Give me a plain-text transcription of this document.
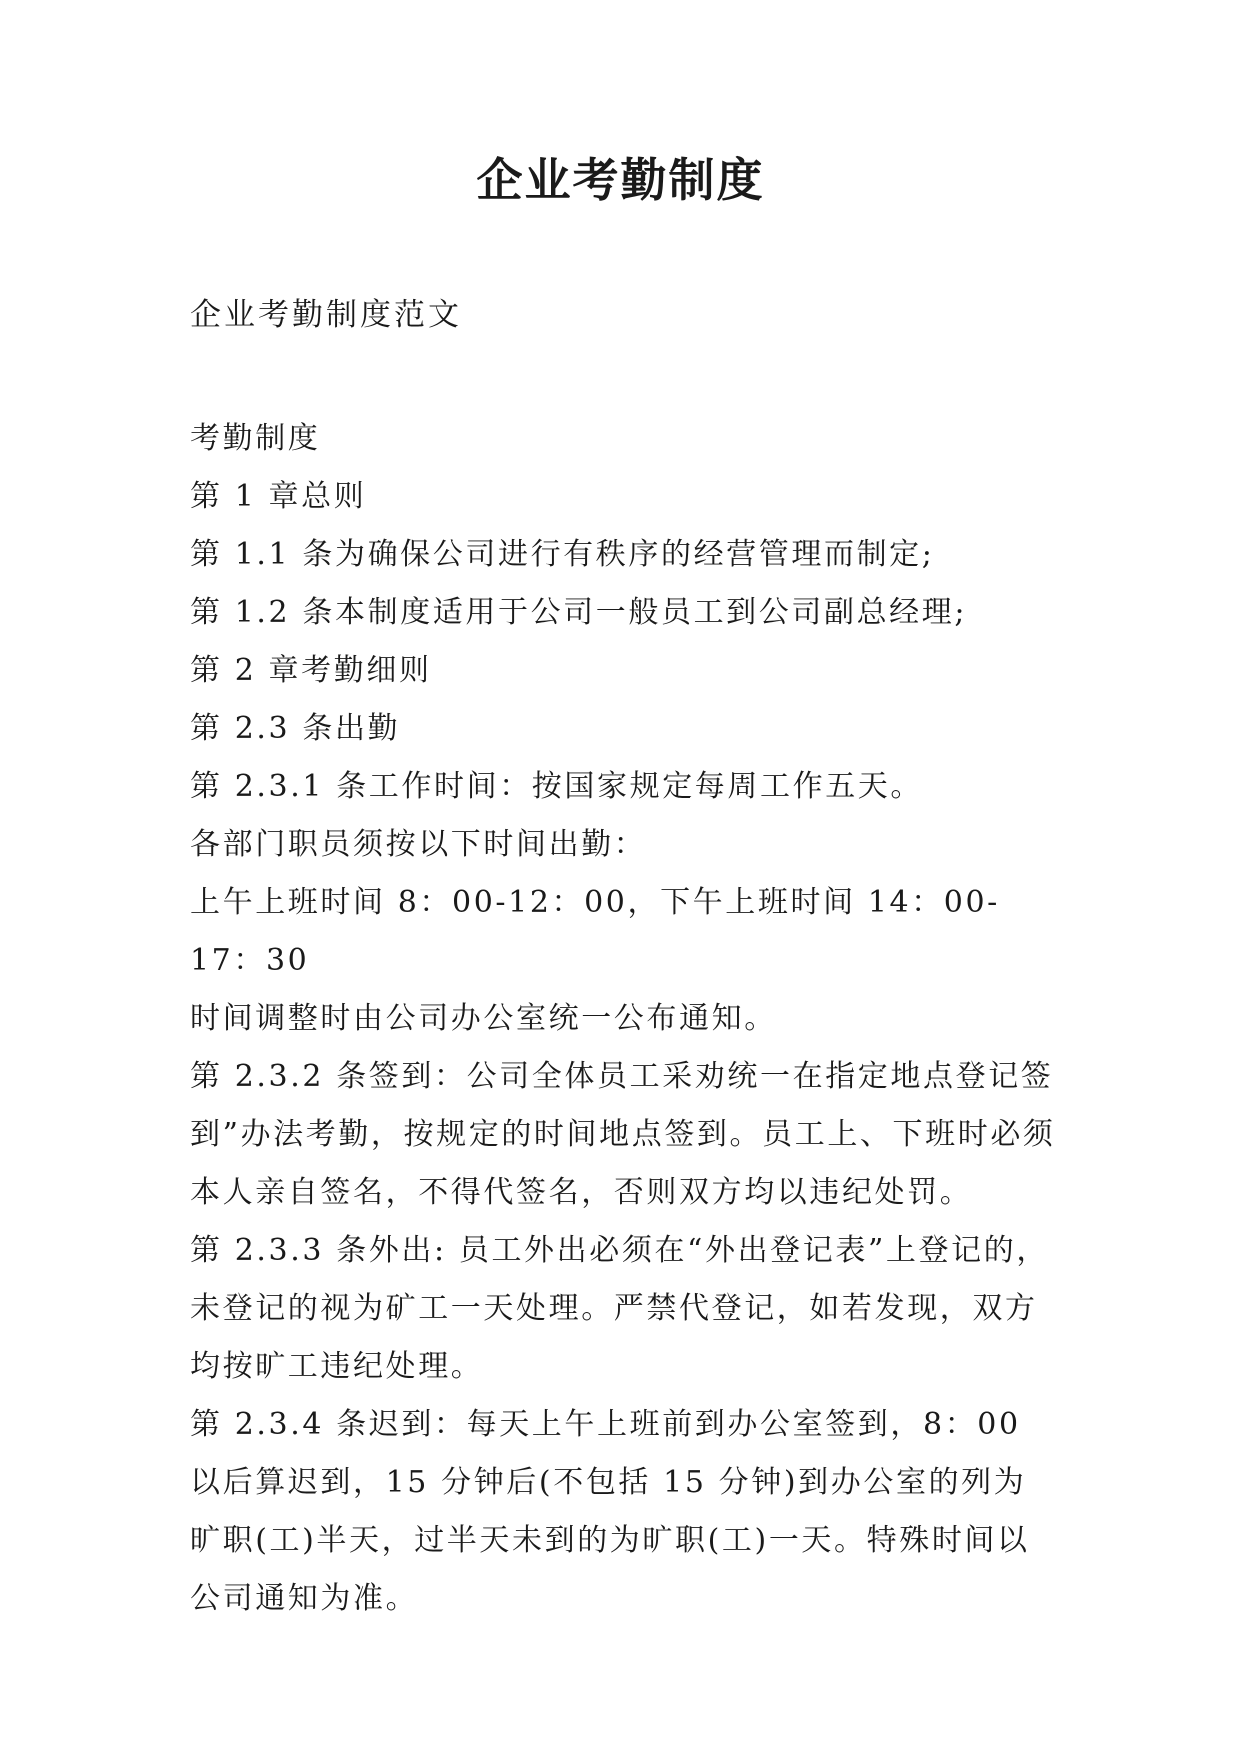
企业考勤制度
企业考勤制度范文

考勤制度

第 1 章总则

第 1.1 条为确保公司进行有秩序的经营管理而制定;

第 1.2 条本制度适用于公司一般员工到公司副总经理;

第 2 章考勤细则

第 2.3 条出勤

第 2.3.1 条工作时间：按国家规定每周工作五天。

各部门职员须按以下时间出勤：

上午上班时间 8：00-12：00，下午上班时间 14：00-17：30

时间调整时由公司办公室统一公布通知。

第 2.3.2 条签到：公司全体员工采劝统一在指定地点登记签到”办法考勤，按规定的时间地点签到。员工上、下班时必须本人亲自签名，不得代签名，否则双方均以违纪处罚。

第 2.3.3 条外出: 员工外出必须在“外出登记表”上登记的，未登记的视为矿工一天处理。严禁代登记，如若发现，双方均按旷工违纪处理。

第 2.3.4 条迟到：每天上午上班前到办公室签到，8：00 以后算迟到，15 分钟后(不包括 15 分钟)到办公室的列为旷职(工)半天，过半天未到的为旷职(工)一天。特殊时间以公司通知为准。
